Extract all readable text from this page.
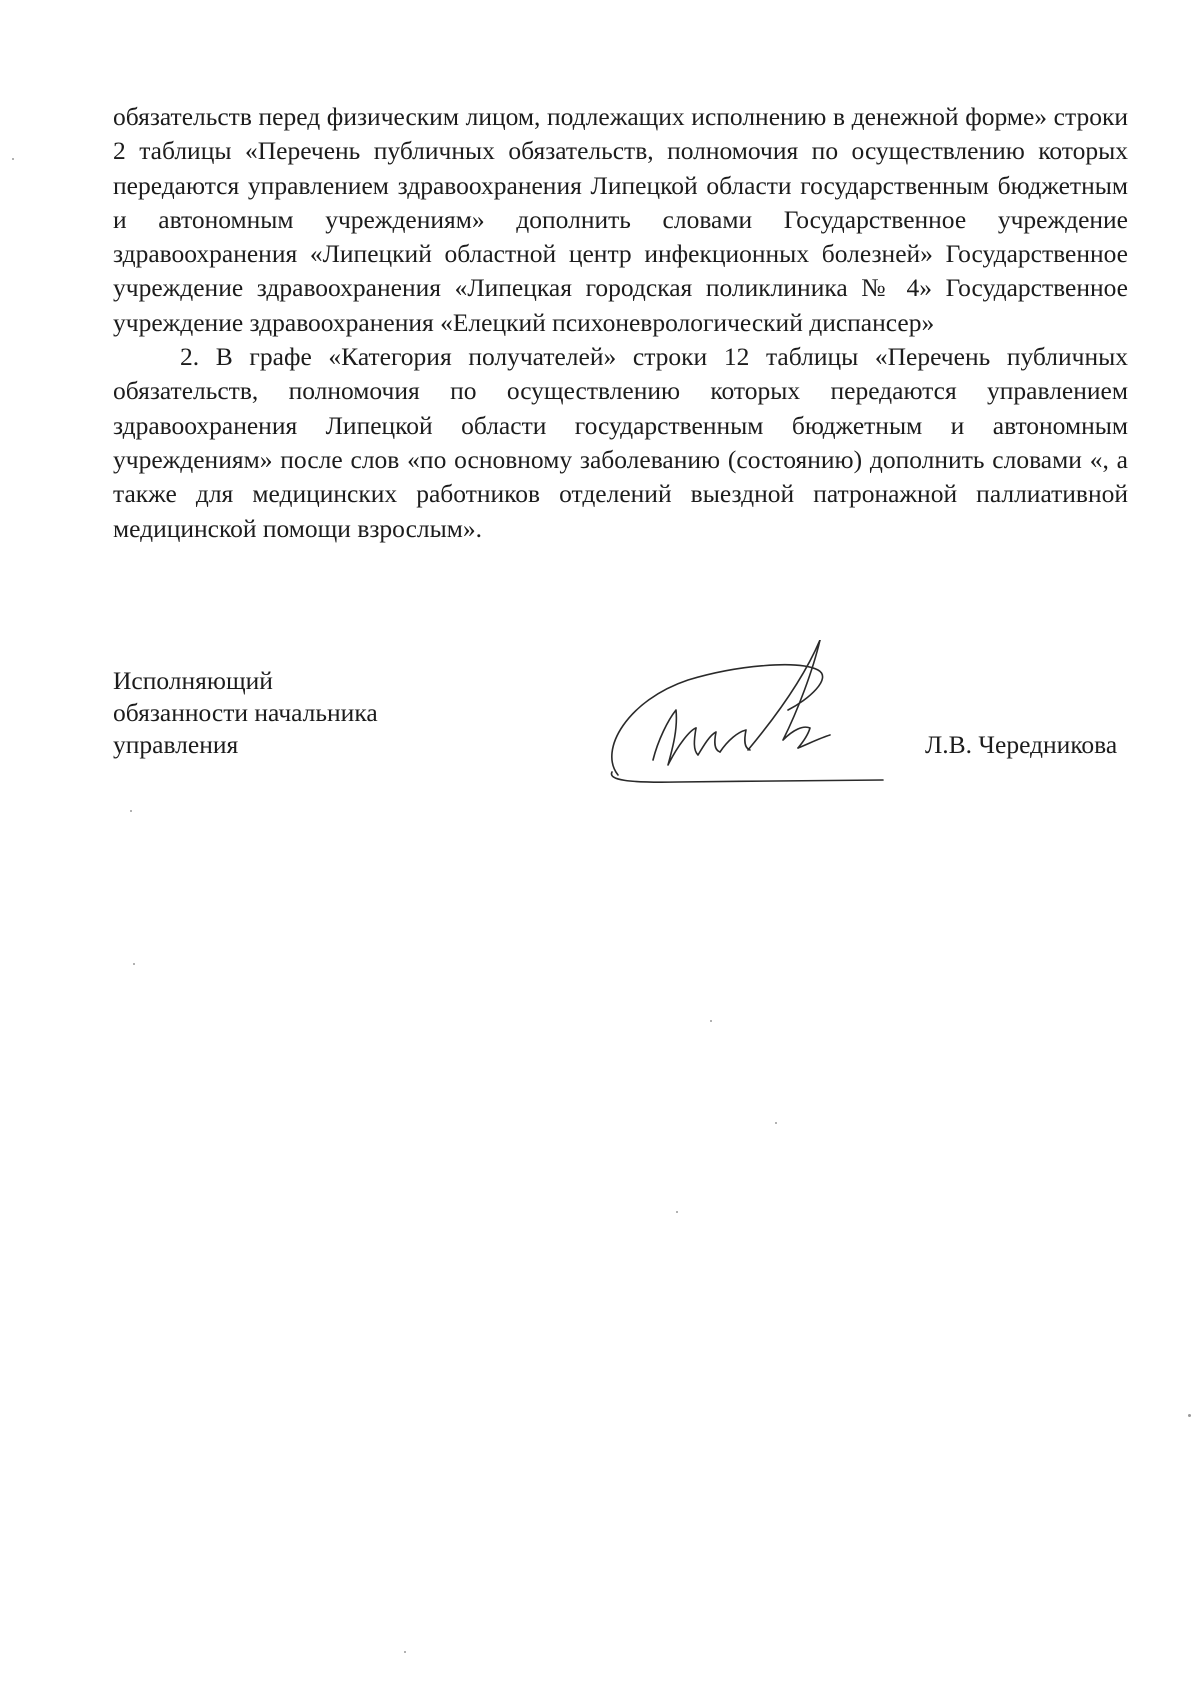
обязательств перед физическим лицом, подлежащих исполнению в денежной форме» строки 2 таблицы «Перечень публичных обязательств, полномочия по осуществлению которых передаются управлением здравоохранения Липецкой области государственным бюджетным и автономным учреждениям» дополнить словами Государственное учреждение здравоохранения «Липецкий областной центр инфекционных болезней» Государственное учреждение здравоохранения «Липецкая городская поликлиника № 4» Государственное учреждение здравоохранения «Елецкий психоневрологический диспансер»

2. В графе «Категория получателей» строки 12 таблицы «Перечень публичных обязательств, полномочия по осуществлению которых передаются управлением здравоохранения Липецкой области государственным бюджетным и автономным учреждениям» после слов «по основному заболеванию (состоянию) дополнить словами «, а также для медицинских работников отделений выездной патронажной паллиативной медицинской помощи взрослым».

Исполняющий
обязанности начальника
управления	Л.В. Чередникова
